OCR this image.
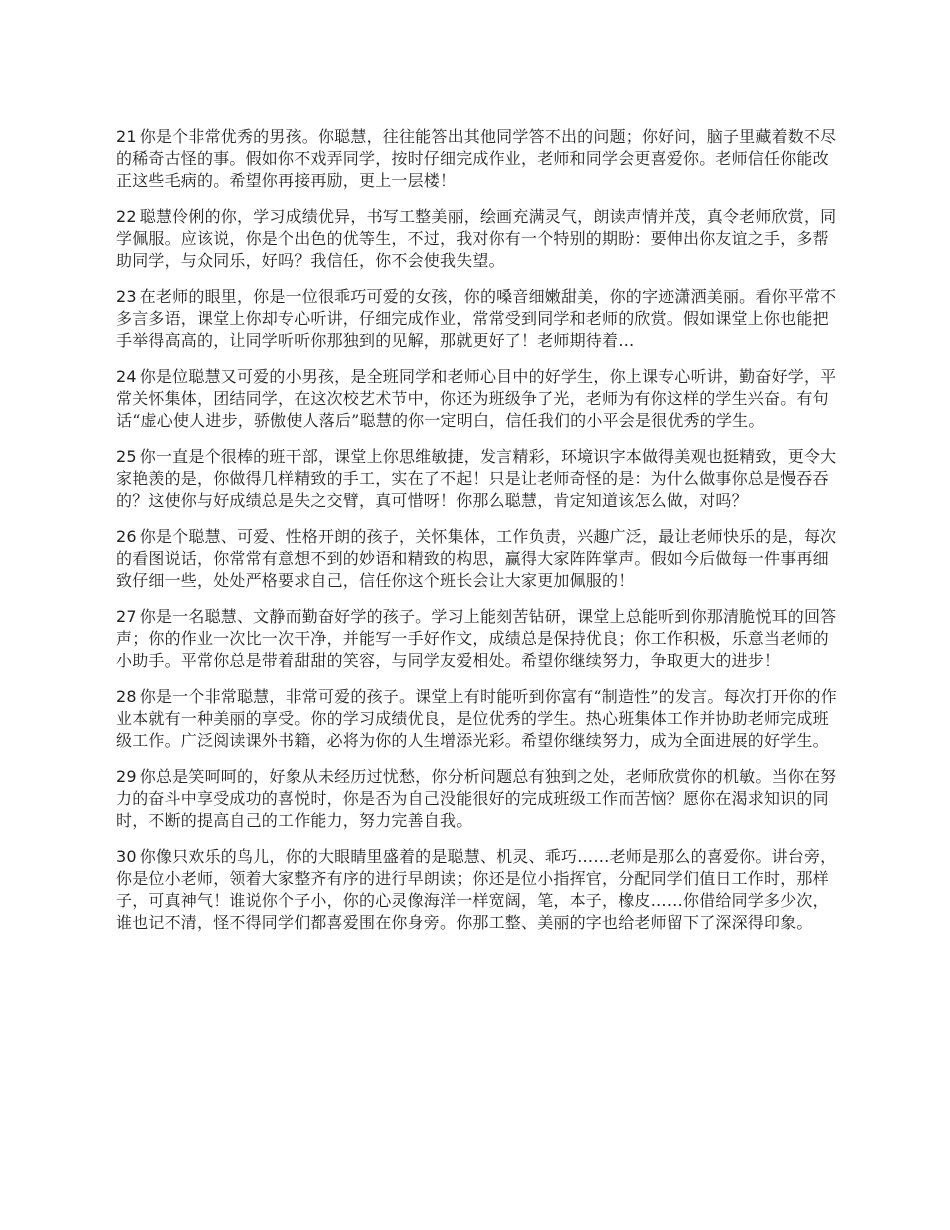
21 你是个非常优秀的男孩。你聪慧，往往能答出其他同学答不出的问题；你好问，脑子里藏着数不尽的稀奇古怪的事。假如你不戏弄同学，按时仔细完成作业，老师和同学会更喜爱你。老师信任你能改正这些毛病的。希望你再接再励，更上一层楼！

22 聪慧伶俐的你，学习成绩优异，书写工整美丽，绘画充满灵气，朗读声情并茂，真令老师欣赏，同学佩服。应该说，你是个出色的优等生，不过，我对你有一个特别的期盼：要伸出你友谊之手，多帮助同学，与众同乐，好吗？我信任，你不会使我失望。

23 在老师的眼里，你是一位很乖巧可爱的女孩，你的嗓音细嫩甜美，你的字迹潇洒美丽。看你平常不多言多语，课堂上你却专心听讲，仔细完成作业，常常受到同学和老师的欣赏。假如课堂上你也能把手举得高高的，让同学听听你那独到的见解，那就更好了！老师期待着…

24 你是位聪慧又可爱的小男孩，是全班同学和老师心目中的好学生，你上课专心听讲，勤奋好学，平常关怀集体，团结同学，在这次校艺术节中，你还为班级争了光，老师为有你这样的学生兴奋。有句话“虚心使人进步，骄傲使人落后”聪慧的你一定明白，信任我们的小平会是很优秀的学生。

25 你一直是个很棒的班干部，课堂上你思维敏捷，发言精彩，环境识字本做得美观也挺精致，更令大家艳羡的是，你做得几样精致的手工，实在了不起！只是让老师奇怪的是：为什么做事你总是慢吞吞的？这使你与好成绩总是失之交臂，真可惜呀！你那么聪慧，肯定知道该怎么做，对吗？

26 你是个聪慧、可爱、性格开朗的孩子，关怀集体，工作负责，兴趣广泛，最让老师快乐的是，每次的看图说话，你常常有意想不到的妙语和精致的构思，赢得大家阵阵掌声。假如今后做每一件事再细致仔细一些，处处严格要求自己，信任你这个班长会让大家更加佩服的！

27 你是一名聪慧、文静而勤奋好学的孩子。学习上能刻苦钻研，课堂上总能听到你那清脆悦耳的回答声；你的作业一次比一次干净，并能写一手好作文，成绩总是保持优良；你工作积极，乐意当老师的小助手。平常你总是带着甜甜的笑容，与同学友爱相处。希望你继续努力，争取更大的进步！

28 你是一个非常聪慧，非常可爱的孩子。课堂上有时能听到你富有“制造性”的发言。每次打开你的作业本就有一种美丽的享受。你的学习成绩优良，是位优秀的学生。热心班集体工作并协助老师完成班级工作。广泛阅读课外书籍，必将为你的人生增添光彩。希望你继续努力，成为全面进展的好学生。

29 你总是笑呵呵的，好象从未经历过忧愁，你分析问题总有独到之处，老师欣赏你的机敏。当你在努力的奋斗中享受成功的喜悦时，你是否为自己没能很好的完成班级工作而苦恼？愿你在渴求知识的同时，不断的提高自己的工作能力，努力完善自我。

30 你像只欢乐的鸟儿，你的大眼睛里盛着的是聪慧、机灵、乖巧……老师是那么的喜爱你。讲台旁，你是位小老师，领着大家整齐有序的进行早朗读；你还是位小指挥官，分配同学们值日工作时，那样子，可真神气！谁说你个子小，你的心灵像海洋一样宽阔，笔，本子，橡皮……你借给同学多少次，谁也记不清，怪不得同学们都喜爱围在你身旁。你那工整、美丽的字也给老师留下了深深得印象。
